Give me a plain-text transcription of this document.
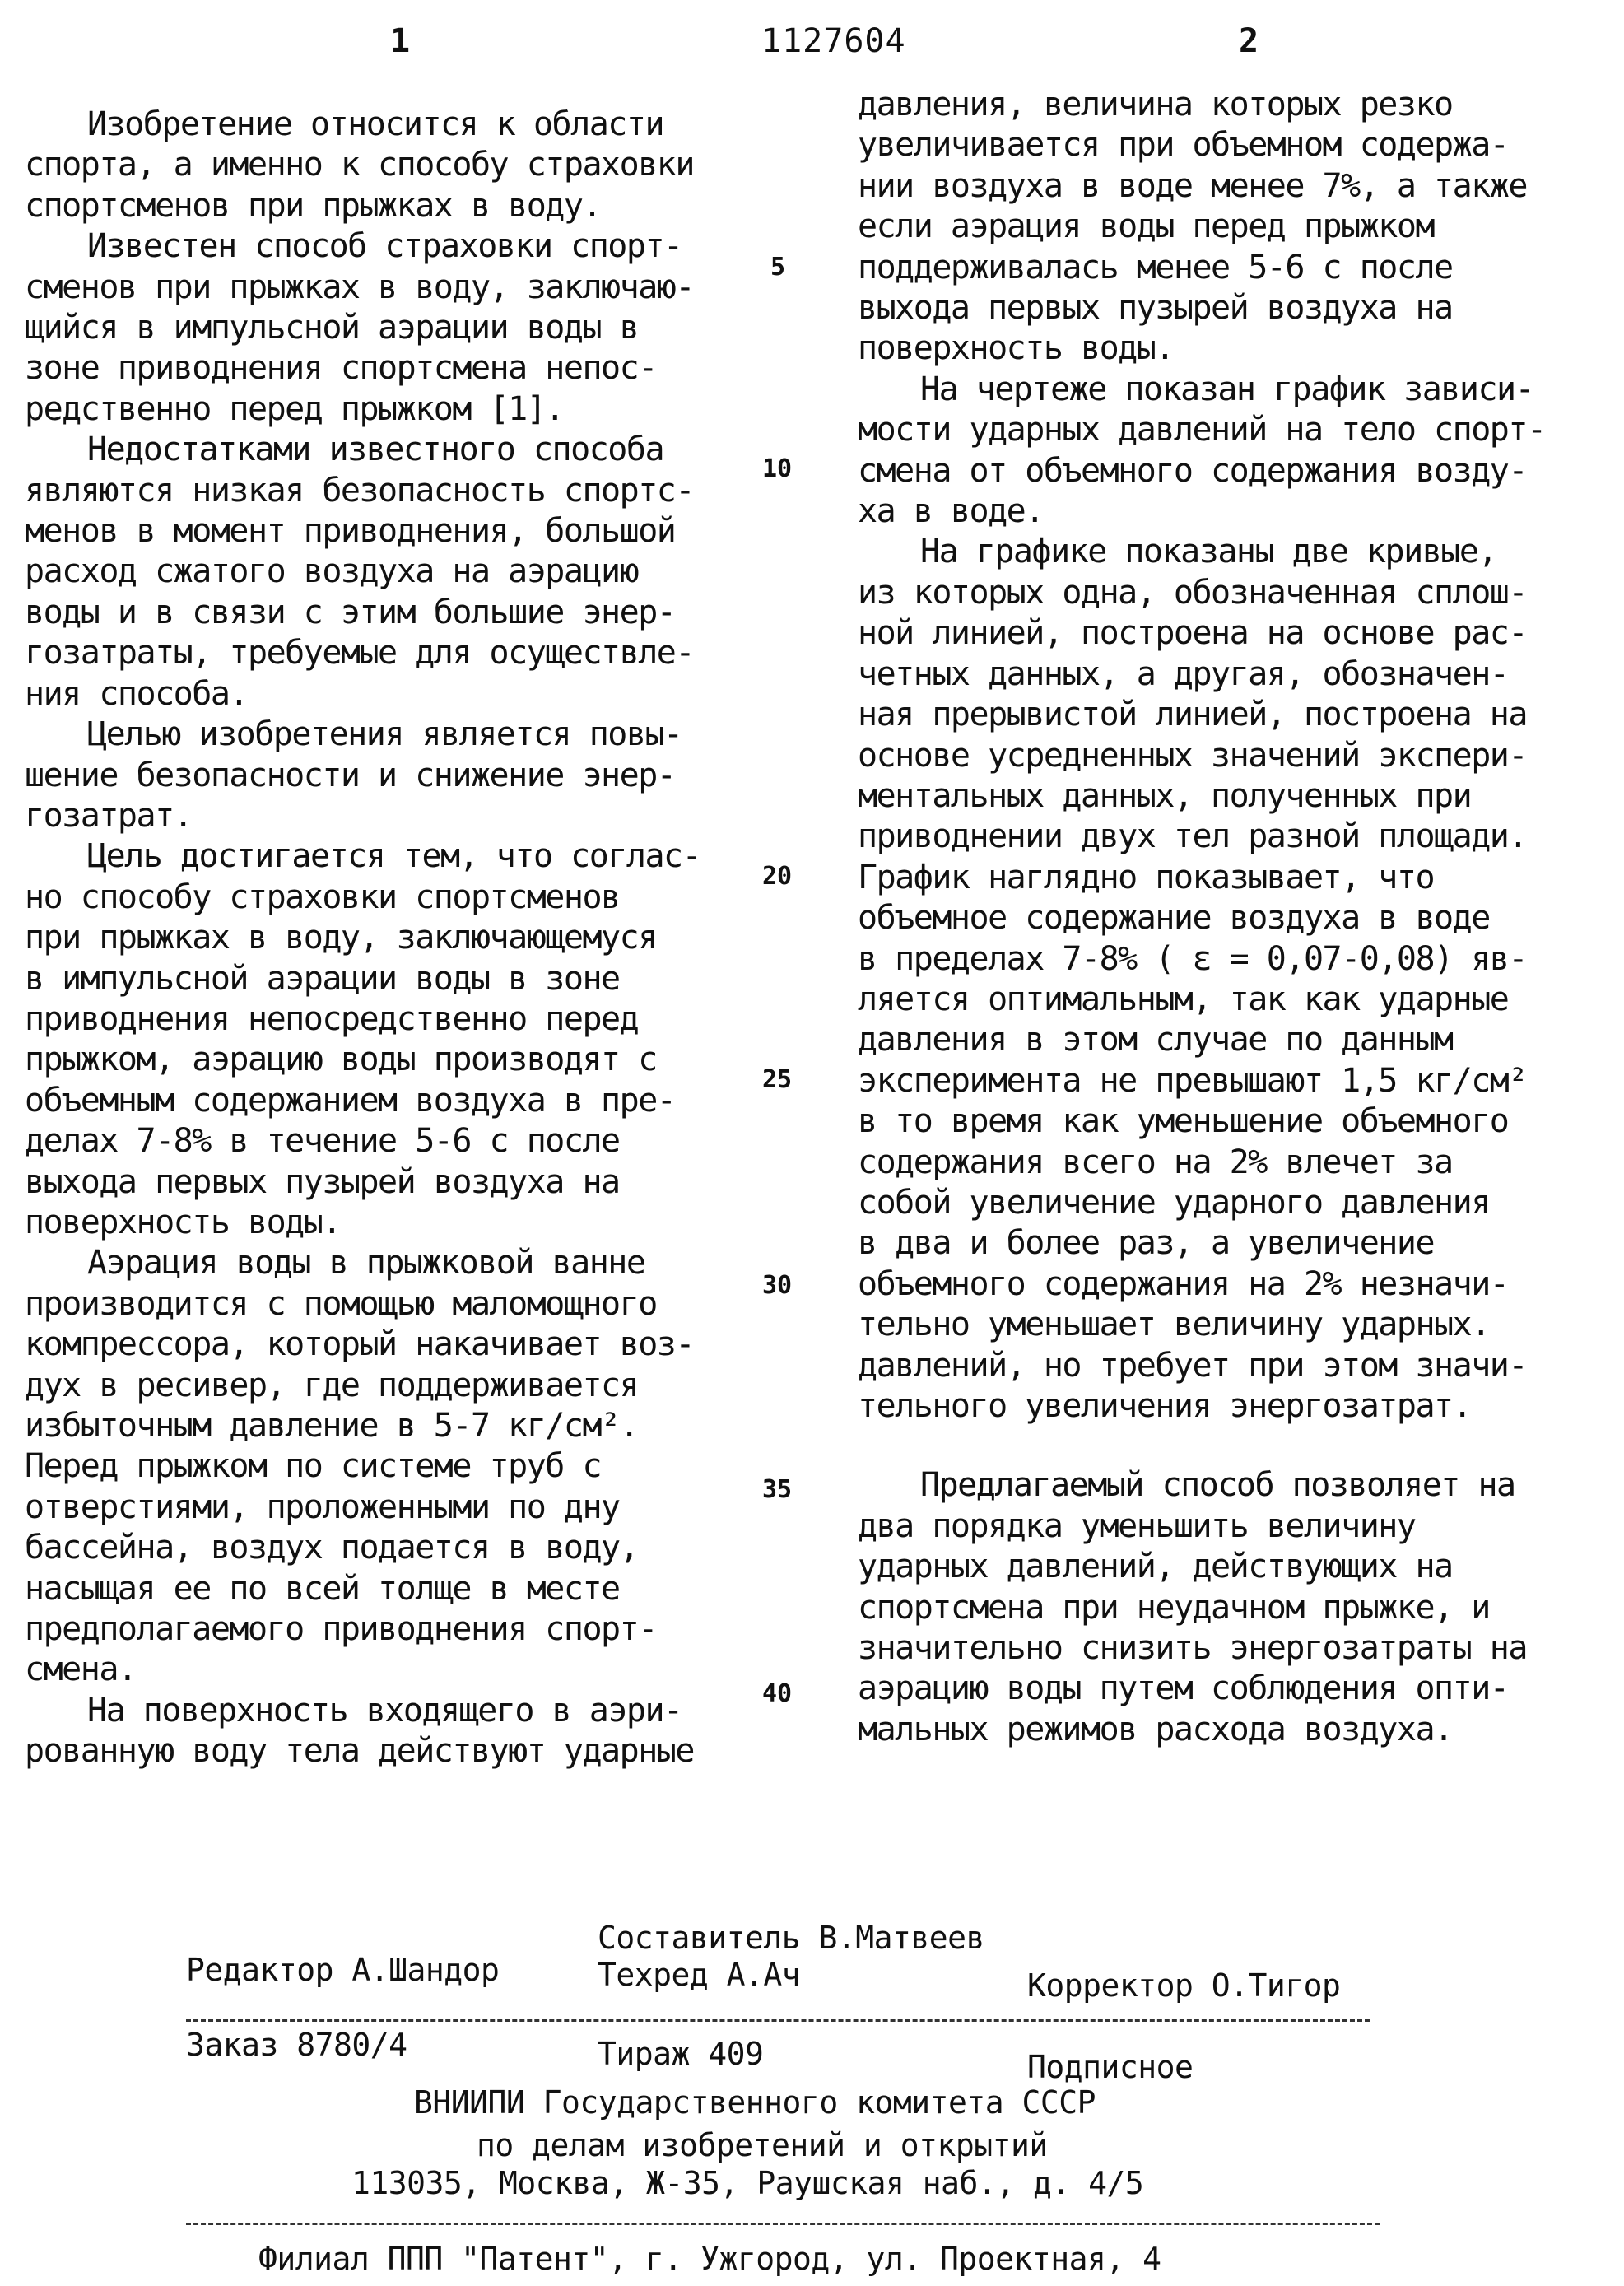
1	1127604	2

Изобретение относится к области

спорта, а именно к способу страховки

спортсменов при прыжках в воду.

Известен способ страховки спорт-

сменов при прыжках в воду, заключаю-

щийся в импульсной аэрации воды в

зоне приводнения спортсмена непос-

редственно перед прыжком [1].

Недостатками известного способа

являются низкая безопасность спортс-

менов в момент приводнения, большой

расход сжатого воздуха на аэрацию

воды и в связи с этим большие энер-

гозатраты, требуемые для осуществле-

ния способа.

Целью изобретения является повы-

шение безопасности и снижение энер-

гозатрат.

Цель достигается тем, что соглас-

но способу страховки спортсменов

при прыжках в воду, заключающемуся

в импульсной аэрации воды в зоне

приводнения непосредственно перед

прыжком, аэрацию воды производят с

объемным содержанием воздуха в пре-

делах 7-8% в течение 5-6 с после

выхода первых пузырей воздуха на

поверхность воды.

Аэрация воды в прыжковой ванне

производится с помощью маломощного

компрессора, который накачивает воз-

дух в ресивер, где поддерживается

избыточным давление в 5-7 кг/см².

Перед прыжком по системе труб с

отверстиями, проложенными по дну

бассейна, воздух подается в воду,

насыщая ее по всей толще в месте

предполагаемого приводнения спорт-

смена.

На поверхность входящего в аэри-

рованную воду тела действуют ударные

5
10
20
25
30
35
40

давления, величина которых резко

увеличивается при объемном содержа-

нии воздуха в воде менее 7%, а также

если аэрация воды перед прыжком

поддерживалась менее 5-6 с после

выхода первых пузырей воздуха на

поверхность воды.

На чертеже показан график зависи-

мости ударных давлений на тело спорт-

смена от объемного содержания возду-

ха в воде.

На графике показаны две кривые,

из которых одна, обозначенная сплош-

ной линией, построена на основе рас-

четных данных, а другая, обозначен-

ная прерывистой линией, построена на

основе усредненных значений экспери-

ментальных данных, полученных при

приводнении двух тел разной площади.

График наглядно показывает, что

объемное содержание воздуха в воде

в пределах 7-8% ( ε = 0,07-0,08) яв-

ляется оптимальным, так как ударные

давления в этом случае по данным

эксперимента не превышают 1,5 кг/см²

в то время как уменьшение объемного

содержания всего на 2% влечет за

собой увеличение ударного давления

в два и более раз, а увеличение

объемного содержания на 2% незначи-

тельно уменьшает величину ударных.

давлений, но требует при этом значи-

тельного увеличения энергозатрат.

Предлагаемый способ позволяет на

два порядка уменьшить величину

ударных давлений, действующих на

спортсмена при неудачном прыжке, и

значительно снизить энергозатраты на

аэрацию воды путем соблюдения опти-

мальных режимов расхода воздуха.

Составитель В.Матвеев
Редактор А.Шандор	Техред А.Ач	Корректор О.Тигор
Заказ 8780/4	Тираж 409	Подписное
ВНИИПИ Государственного комитета СССР
по делам изобретений и открытий
113035, Москва, Ж-35, Раушская наб., д. 4/5
Филиал ППП "Патент", г. Ужгород, ул. Проектная, 4
